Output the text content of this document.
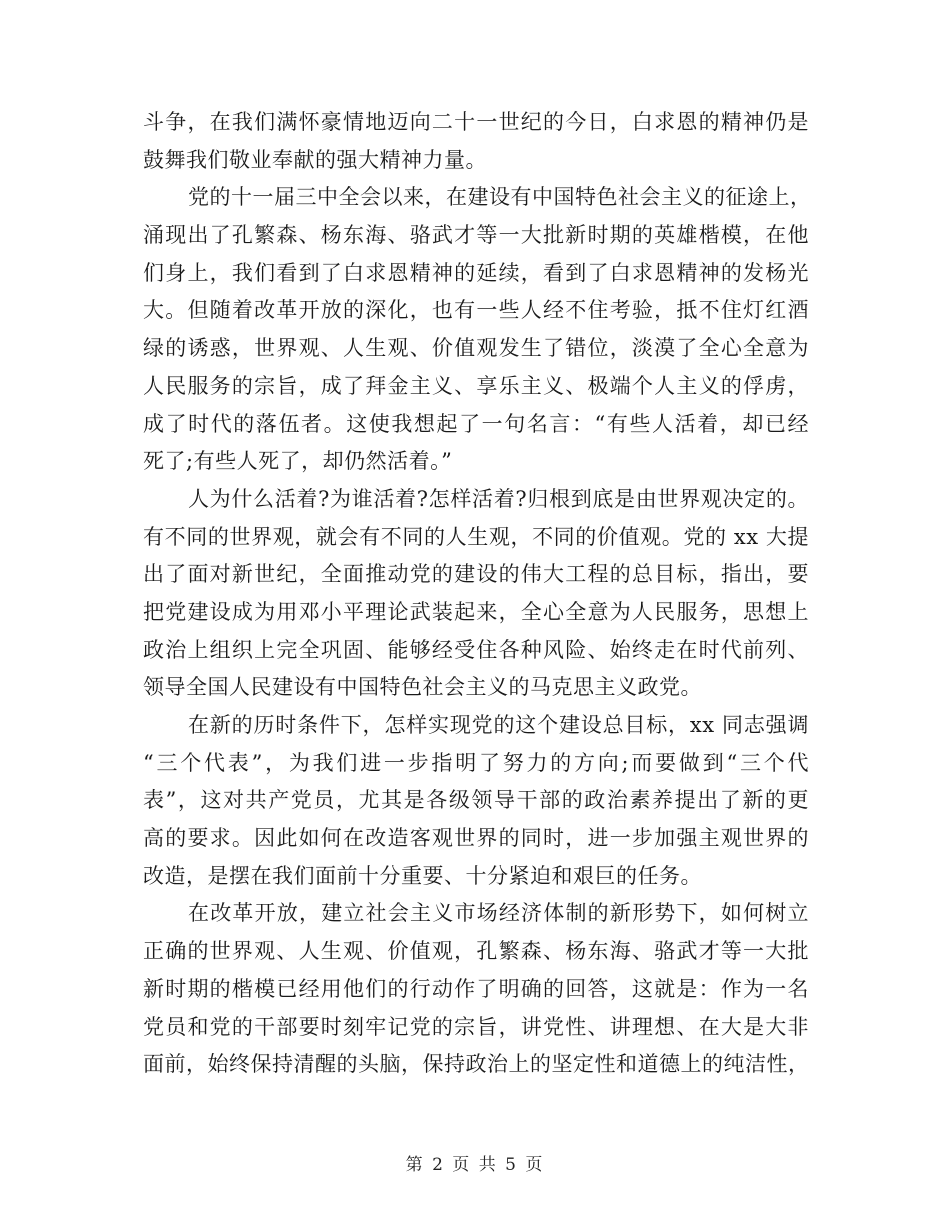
斗争，在我们满怀豪情地迈向二十一世纪的今日，白求恩的精神仍是
鼓舞我们敬业奉献的强大精神力量。
党的十一届三中全会以来，在建设有中国特色社会主义的征途上，
涌现出了孔繁森、杨东海、骆武才等一大批新时期的英雄楷模，在他
们身上，我们看到了白求恩精神的延续，看到了白求恩精神的发杨光
大。但随着改革开放的深化，也有一些人经不住考验，抵不住灯红酒
绿的诱惑，世界观、人生观、价值观发生了错位，淡漠了全心全意为
人民服务的宗旨，成了拜金主义、享乐主义、极端个人主义的俘虏，
成了时代的落伍者。这使我想起了一句名言：“有些人活着，却已经
死了;有些人死了，却仍然活着。”
人为什么活着?为谁活着?怎样活着?归根到底是由世界观决定的。
有不同的世界观，就会有不同的人生观，不同的价值观。党的 xx 大提
出了面对新世纪，全面推动党的建设的伟大工程的总目标，指出，要
把党建设成为用邓小平理论武装起来，全心全意为人民服务，思想上
政治上组织上完全巩固、能够经受住各种风险、始终走在时代前列、
领导全国人民建设有中国特色社会主义的马克思主义政党。
在新的历时条件下，怎样实现党的这个建设总目标，xx 同志强调
“三个代表”，为我们进一步指明了努力的方向;而要做到“三个代
表”，这对共产党员，尤其是各级领导干部的政治素养提出了新的更
高的要求。因此如何在改造客观世界的同时，进一步加强主观世界的
改造，是摆在我们面前十分重要、十分紧迫和艰巨的任务。
在改革开放，建立社会主义市场经济体制的新形势下，如何树立
正确的世界观、人生观、价值观，孔繁森、杨东海、骆武才等一大批
新时期的楷模已经用他们的行动作了明确的回答，这就是：作为一名
党员和党的干部要时刻牢记党的宗旨，讲党性、讲理想、在大是大非
面前，始终保持清醒的头脑，保持政治上的坚定性和道德上的纯洁性，
第 2 页 共 5 页
